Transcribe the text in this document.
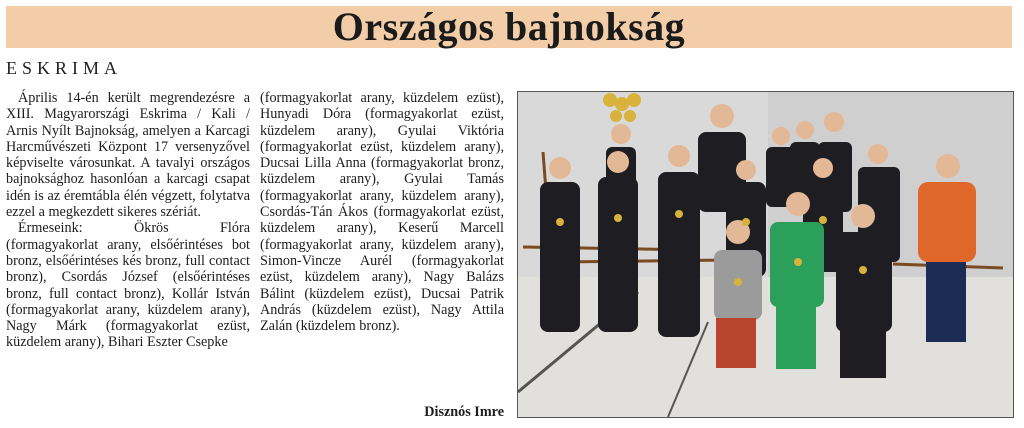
Országos bajnokság
ESKRIMA

Április 14-én került megrendezésre a XIII. Magyarországi Eskrima / Kali / Arnis Nyílt Bajnokság, amelyen a Karcagi Harcművészeti Központ 17 versenyzővel képviselte városunkat. A tavalyi országos bajnoksághoz hasonlóan a karcagi csapat idén is az éremtábla élén végzett, folytatva ezzel a megkezdett sikeres szériát.

Érmeseink: Ökrös Flóra (formagyakorlat arany, elsőérintéses bot bronz, elsőérintéses kés bronz, full contact bronz), Csordás József (elsőérintéses bronz, full contact bronz), Kollár István (formagyakorlat arany, küzdelem arany), Nagy Márk (formagyakorlat ezüst, küzdelem arany), Bihari Eszter Csepke

(formagyakorlat arany, küzdelem ezüst), Hunyadi Dóra (formagyakorlat ezüst, küzdelem arany), Gyulai Viktória (formagyakorlat ezüst, küzdelem arany), Ducsai Lilla Anna (formagyakorlat bronz, küzdelem arany), Gyulai Tamás (formagyakorlat arany, küzdelem arany), Csordás-Tán Ákos (formagyakorlat ezüst, küzdelem arany), Keserű Marcell (formagyakorlat arany, küzdelem arany), Simon-Vincze Aurél (formagyakorlat ezüst, küzdelem arany), Nagy Balázs Bálint (küzdelem ezüst), Ducsai Patrik András (küzdelem ezüst), Nagy Attila Zalán (küzdelem bronz).

Disznós Imre
